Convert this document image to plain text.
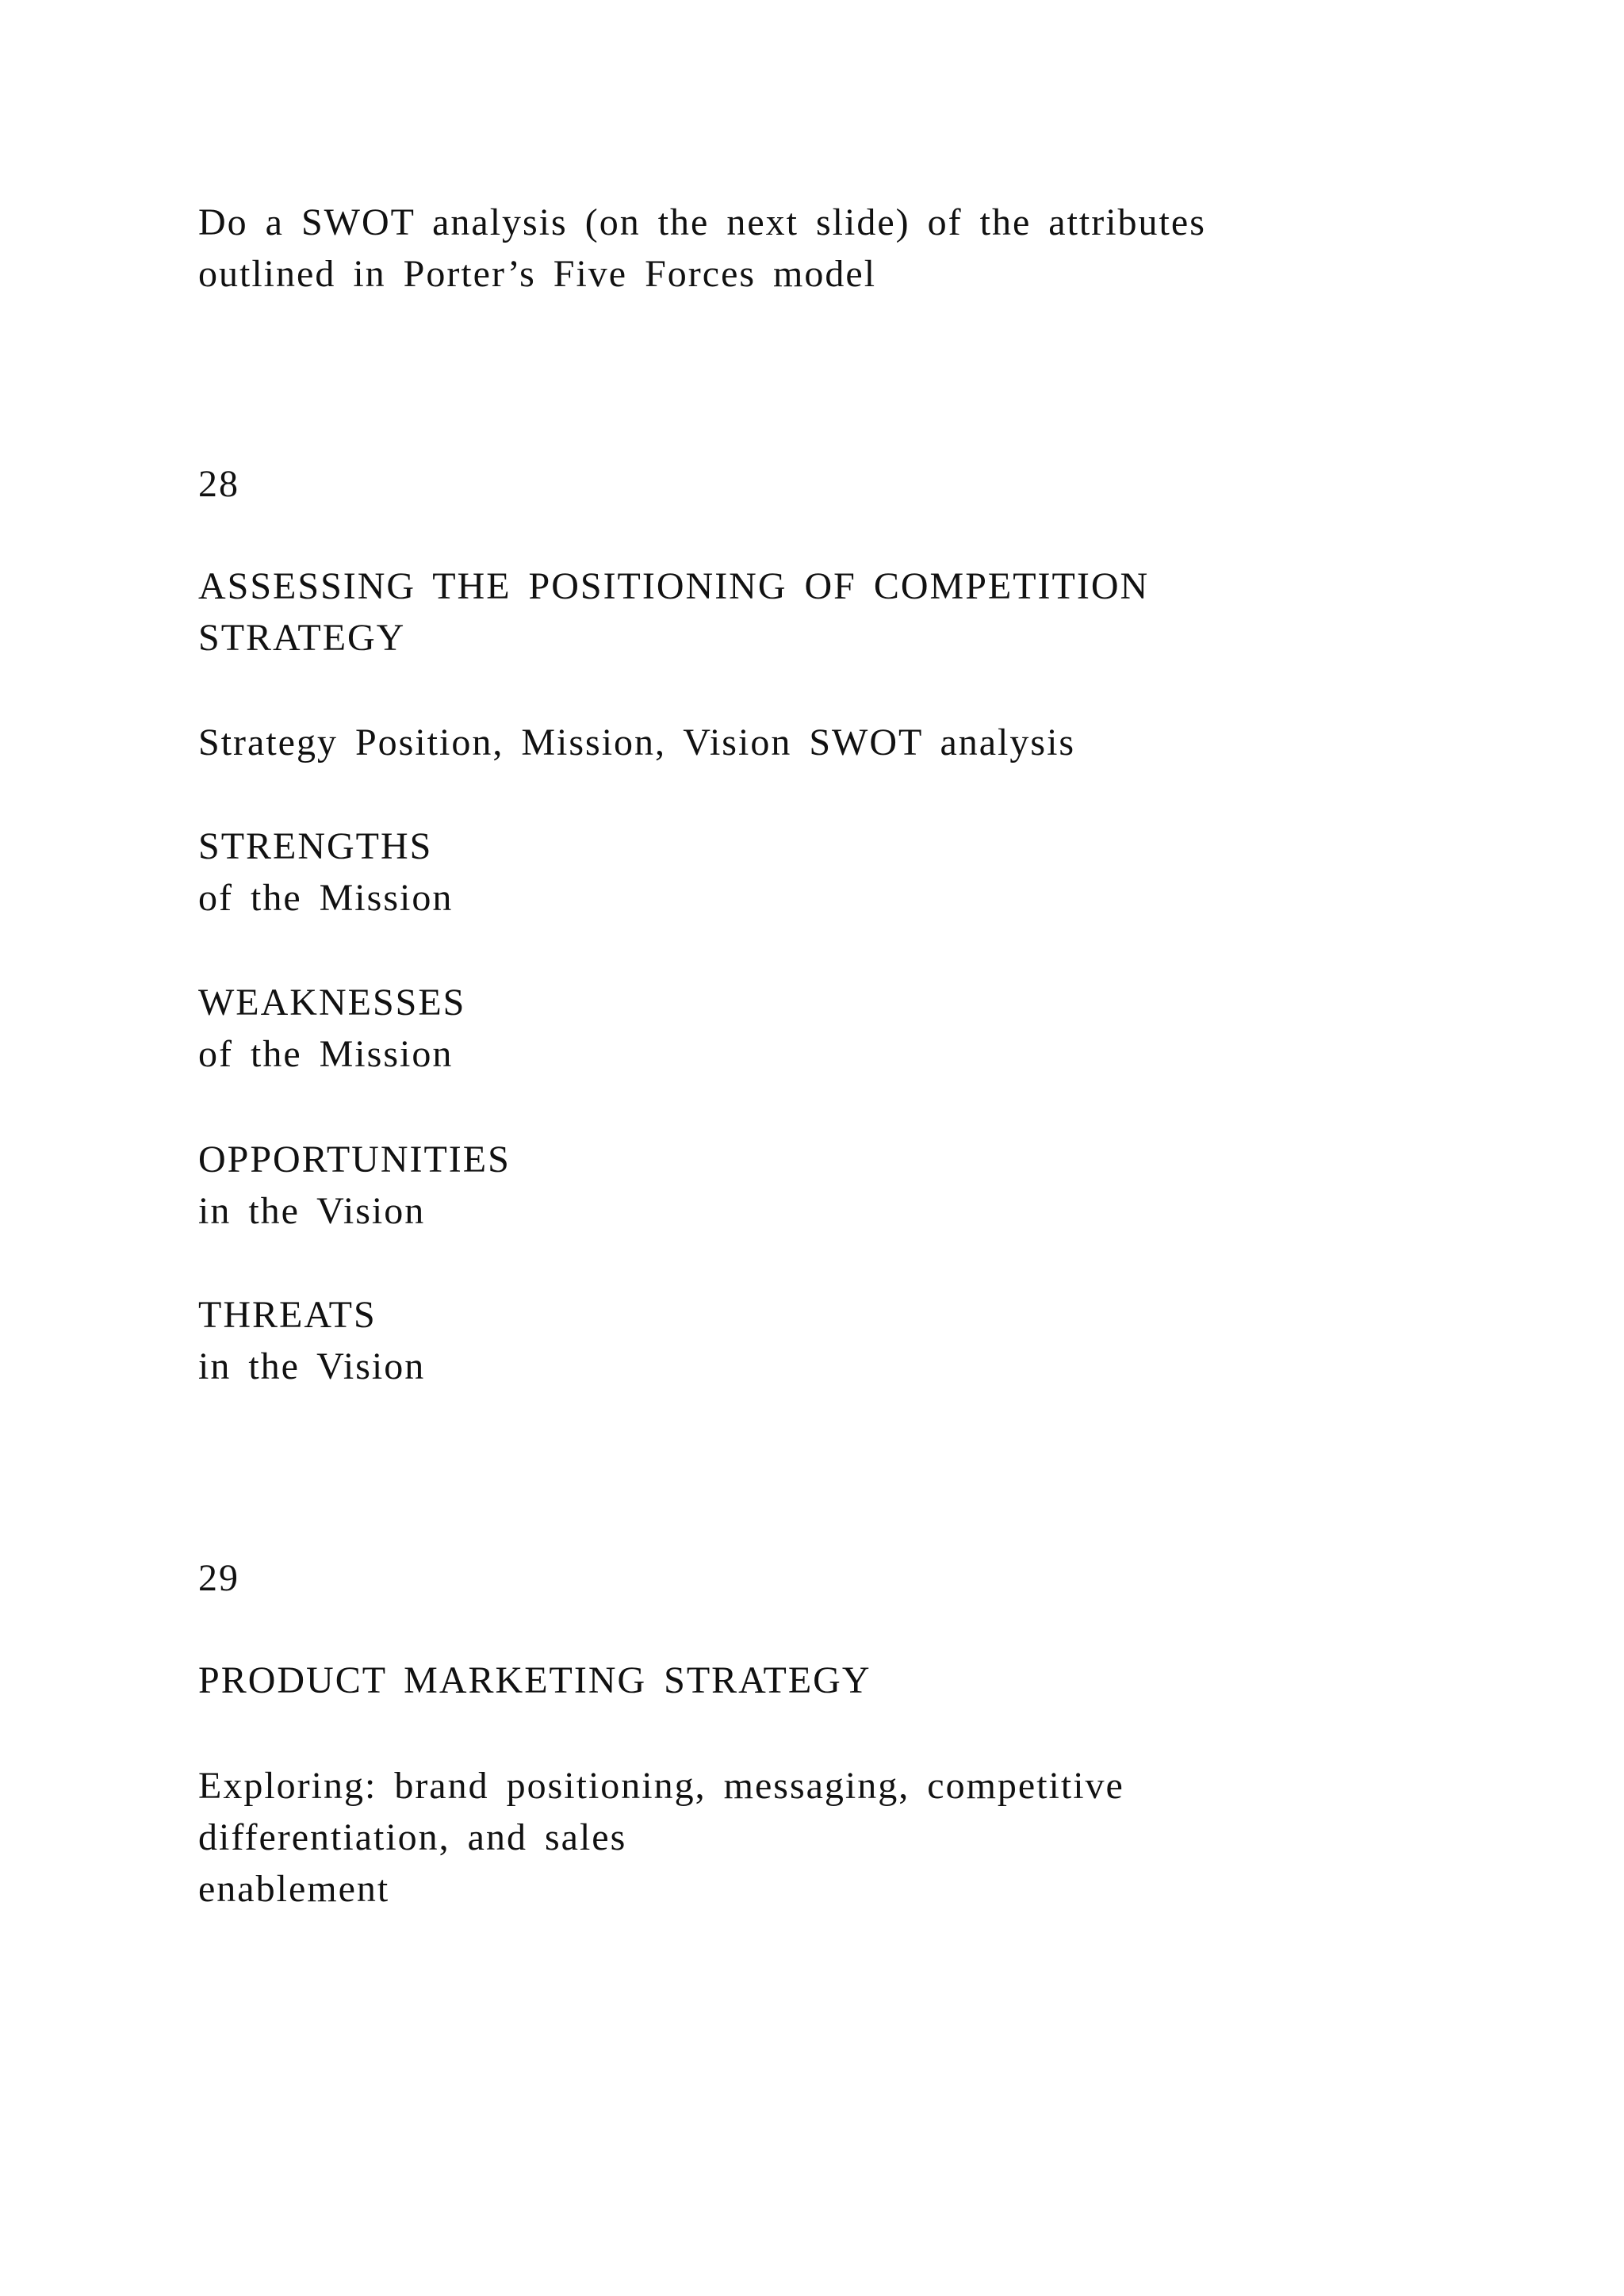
Do a SWOT analysis (on the next slide) of the attributes
outlined in Porter’s Five Forces model

28

ASSESSING THE POSITIONING OF COMPETITION
STRATEGY

Strategy Position, Mission, Vision SWOT analysis

STRENGTHS
of the Mission

WEAKNESSES
of the Mission

OPPORTUNITIES
in the Vision

THREATS
in the Vision

29

PRODUCT MARKETING STRATEGY

Exploring: brand positioning, messaging, competitive
differentiation, and sales
enablement
